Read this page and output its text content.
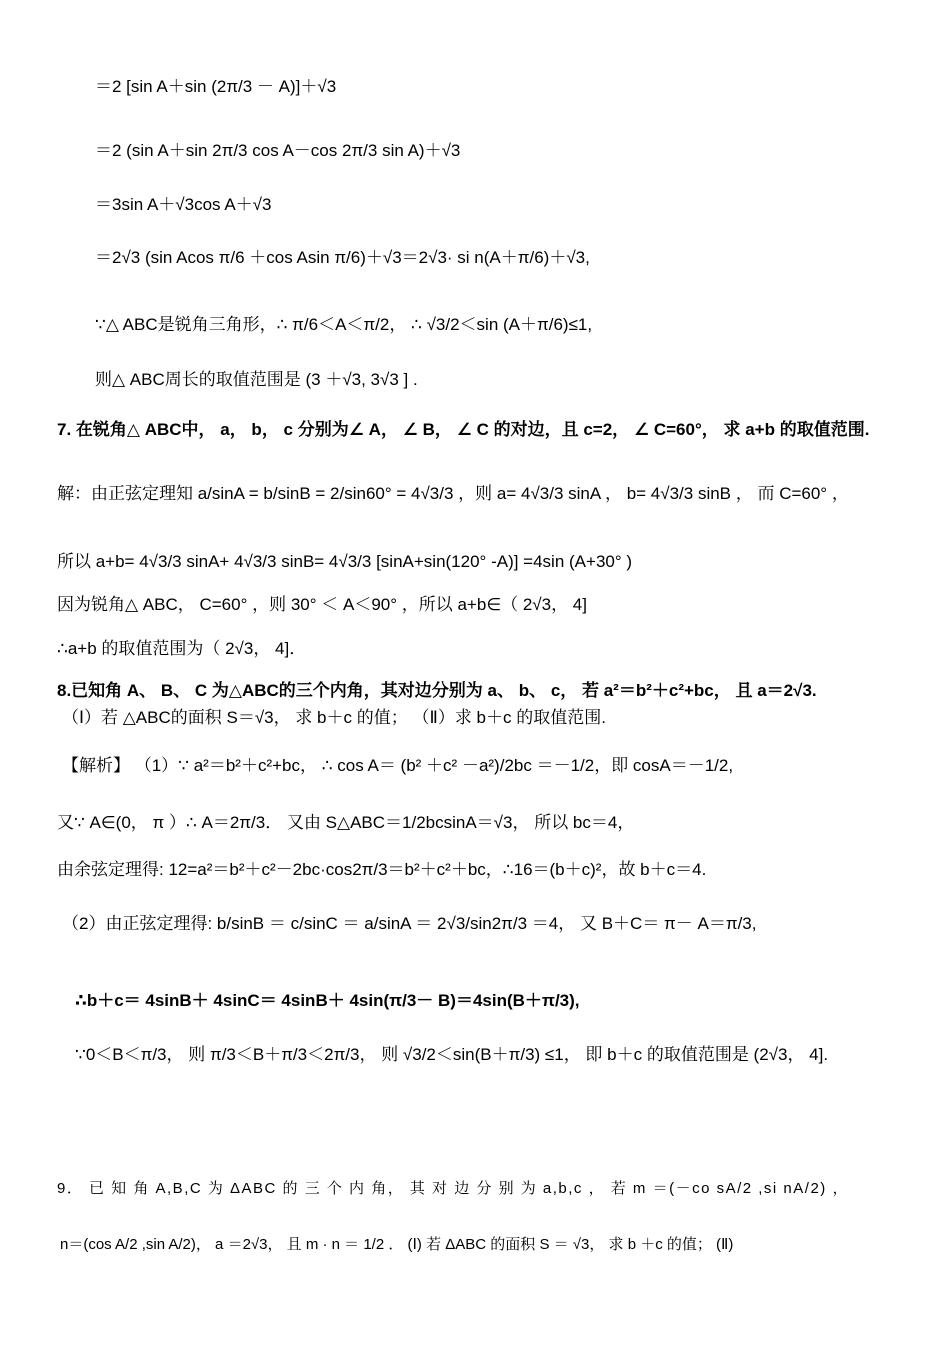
＝2 [sin A＋sin (2π/3 － A)]＋√3
＝2 (sin A＋sin 2π/3 cos A－cos 2π/3 sin A)＋√3
＝3sin A＋√3cos A＋√3
＝2√3 (sin Acos π/6 ＋cos Asin π/6)＋√3＝2√3· si n(A＋π/6)＋√3,
∵△ ABC是锐角三角形，∴ π/6＜A＜π/2， ∴ √3/2＜sin (A＋π/6)≤1,
则△ ABC周长的取值范围是 (3 ＋√3, 3√3 ] .
7. 在锐角△ ABC中， a， b， c 分别为∠ A， ∠ B， ∠ C 的对边，且 c=2， ∠ C=60°， 求 a+b 的取值范围.
解：由正弦定理知 a/sinA = b/sinB = 2/sin60° = 4√3/3 ，则 a= 4√3/3 sinA ， b= 4√3/3 sinB ， 而 C=60° ，
所以 a+b= 4√3/3 sinA+ 4√3/3 sinB= 4√3/3 [sinA+sin(120° -A)] =4sin (A+30° )
因为锐角△ ABC， C=60° ，则 30° ＜ A＜90° ，所以 a+b∈（ 2√3， 4]
∴a+b 的取值范围为（ 2√3， 4]．
8.已知角 A、 B、 C 为△ABC的三个内角，其对边分别为 a、 b、 c， 若 a²＝b²＋c²+bc， 且 a＝2√3.
（Ⅰ）若 △ABC的面积 S＝√3， 求 b＋c 的值； （Ⅱ）求 b＋c 的取值范围.
【解析】 （1）∵ a²＝b²＋c²+bc， ∴ cos A＝ (b² ＋c² －a²)/2bc ＝－1/2，即 cosA＝－1/2,
又∵ A∈(0， π ）∴ A＝2π/3． 又由 S△ABC＝1/2bcsinA＝√3， 所以 bc＝4，
由余弦定理得: 12=a²＝b²＋c²－2bc·cos2π/3＝b²＋c²＋bc，∴16＝(b＋c)²，故 b＋c＝4.
（2）由正弦定理得: b/sinB ＝ c/sinC ＝ a/sinA ＝ 2√3/sin2π/3 ＝4， 又 B＋C＝ π－ A＝π/3,
∴b＋c＝ 4sinB＋ 4sinC＝ 4sinB＋ 4sin(π/3－ B)＝4sin(B＋π/3),
∵0＜B＜π/3， 则 π/3＜B＋π/3＜2π/3， 则 √3/2＜sin(B＋π/3) ≤1， 即 b＋c 的取值范围是 (2√3， 4].
9． 已 知 角 A,B,C 为 ΔABC 的 三 个 内 角， 其 对 边 分 别 为 a,b,c ， 若 m ＝(－co sA/2 ,si nA/2) ，
n＝(cos A/2 ,sin A/2)， a ＝2√3， 且 m · n ＝ 1/2 ． (Ⅰ) 若 ΔABC 的面积 S ＝ √3， 求 b ＋c 的值； (Ⅱ)
